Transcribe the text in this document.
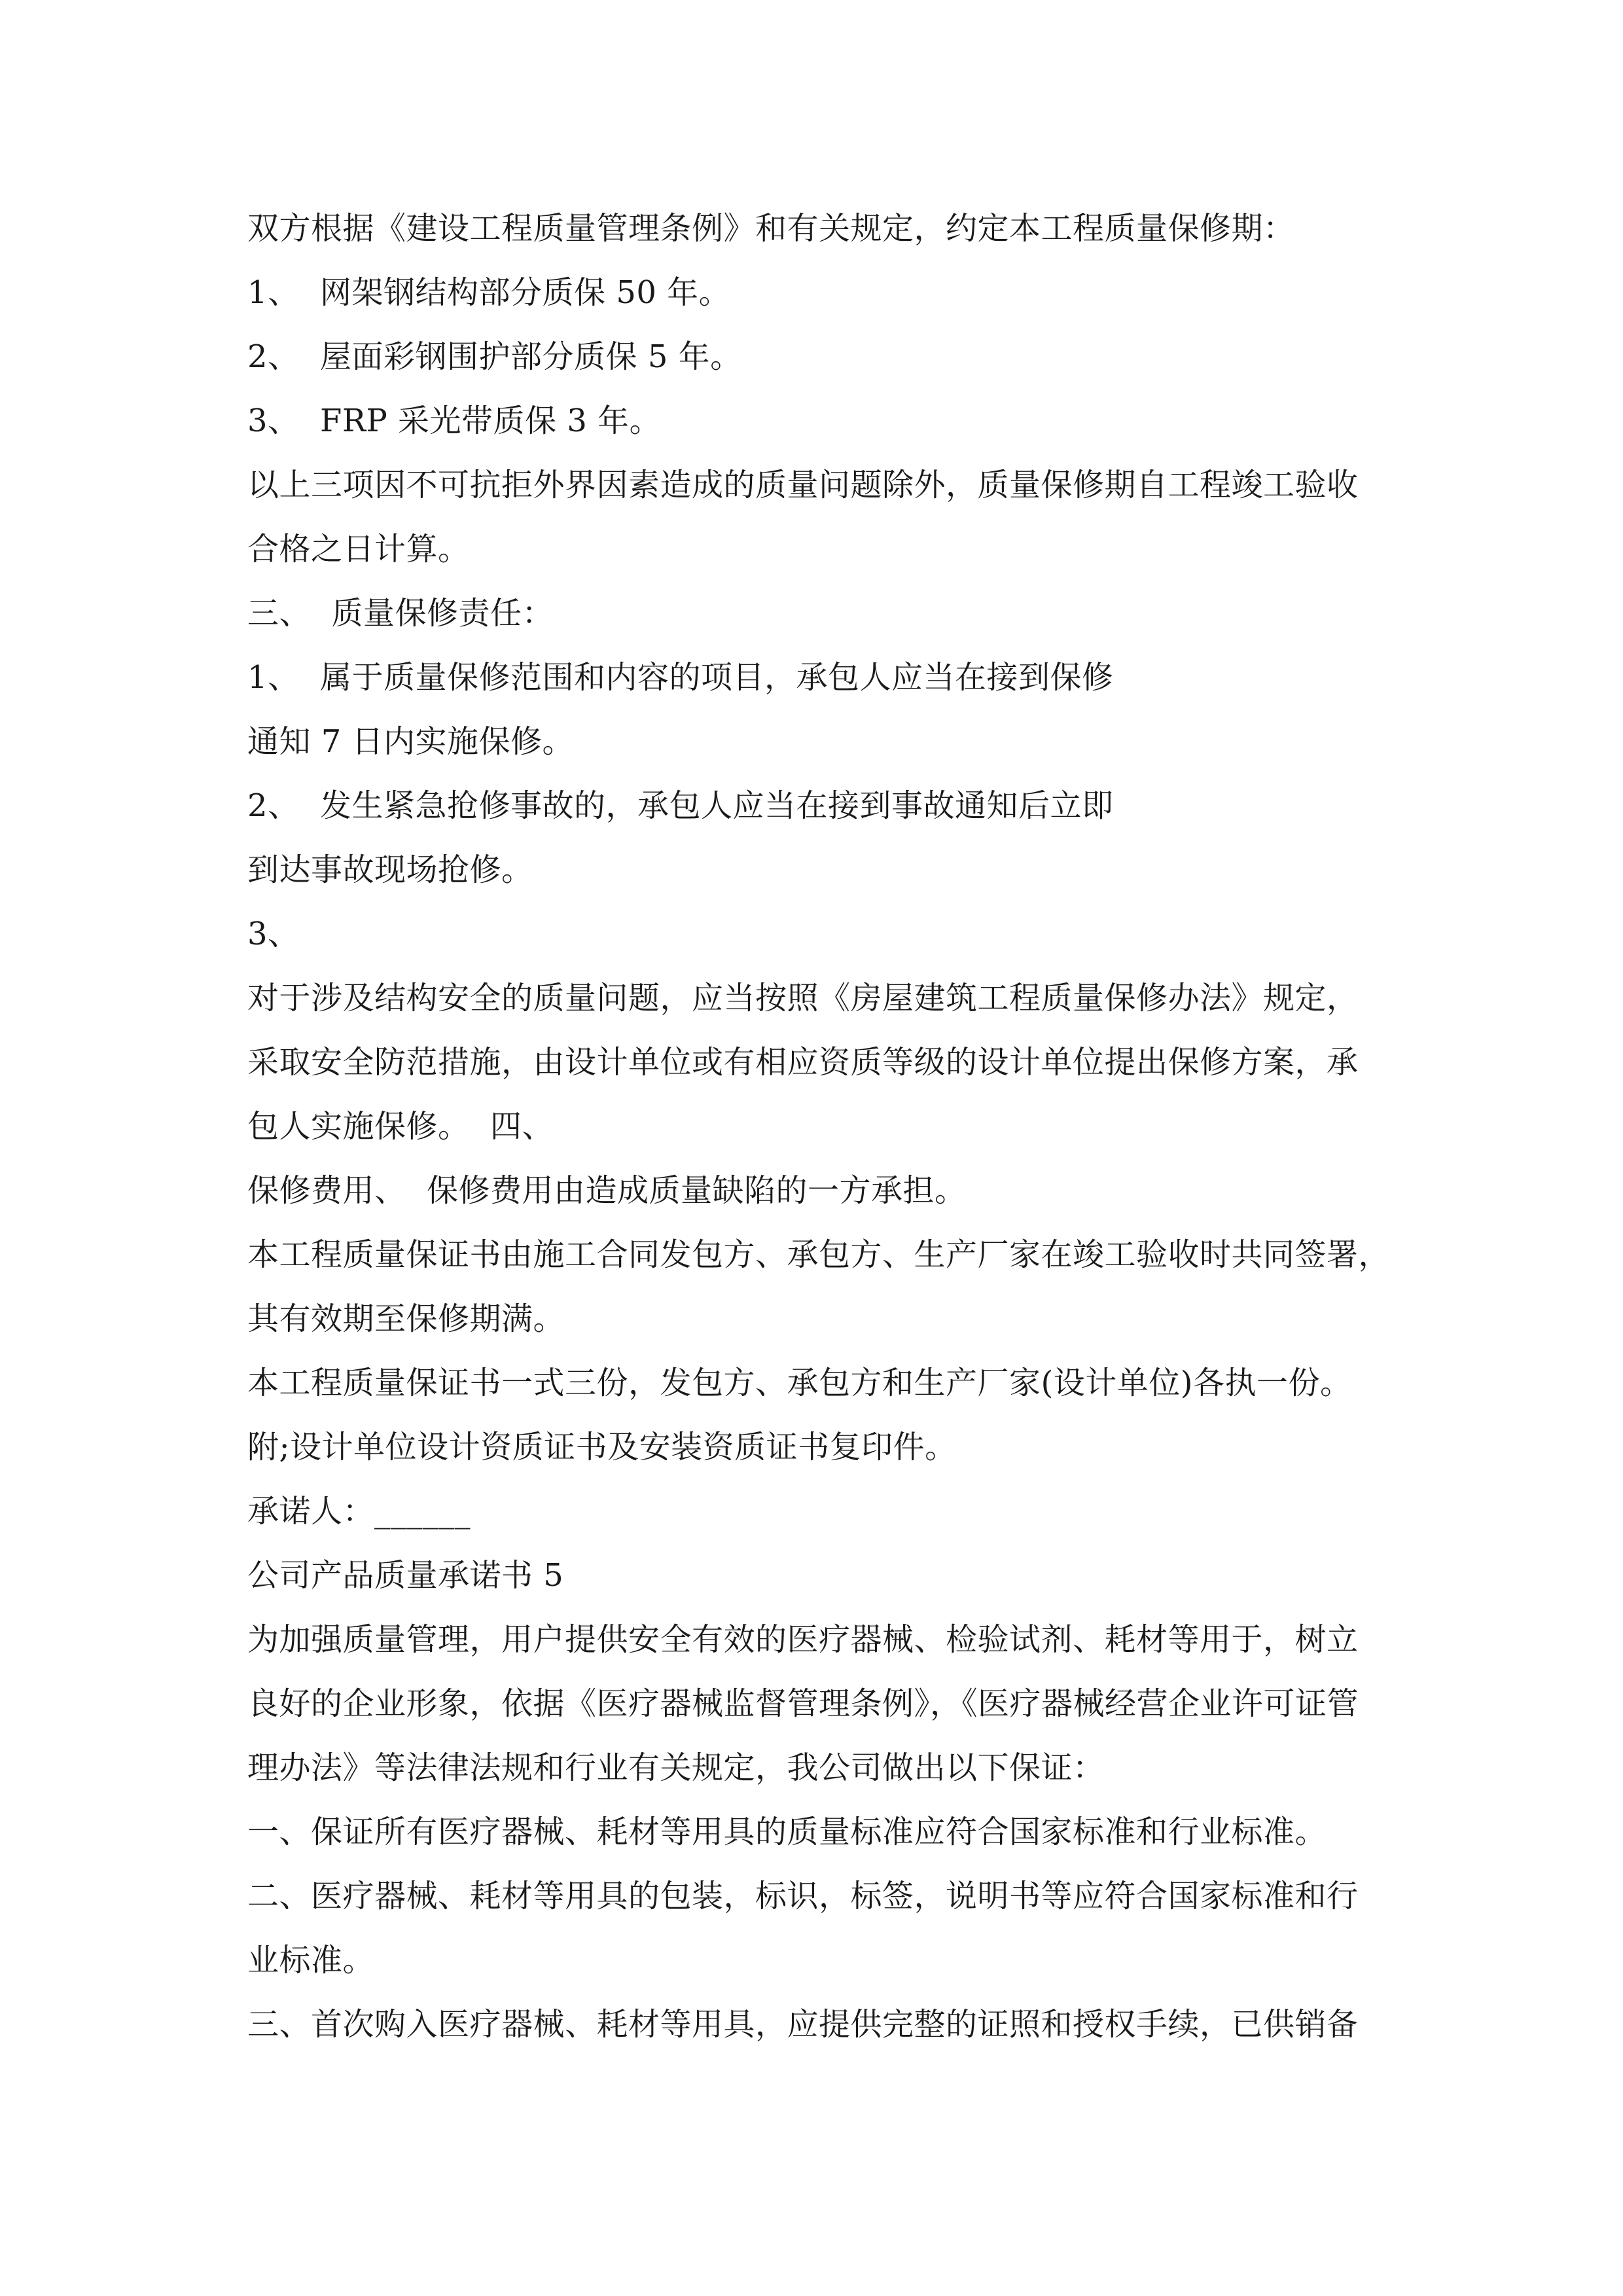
双方根据《建设工程质量管理条例》和有关规定，约定本工程质量保修期：
1、  网架钢结构部分质保 50 年。
2、  屋面彩钢围护部分质保 5 年。
3、  FRP 采光带质保 3 年。
以上三项因不可抗拒外界因素造成的质量问题除外，质量保修期自工程竣工验收
合格之日计算。
三、  质量保修责任：
1、  属于质量保修范围和内容的项目，承包人应当在接到保修
通知 7 日内实施保修。
2、  发生紧急抢修事故的，承包人应当在接到事故通知后立即
到达事故现场抢修。
3、
对于涉及结构安全的质量问题，应当按照《房屋建筑工程质量保修办法》规定，
采取安全防范措施，由设计单位或有相应资质等级的设计单位提出保修方案，承
包人实施保修。  四、
保修费用、  保修费用由造成质量缺陷的一方承担。
本工程质量保证书由施工合同发包方、承包方、生产厂家在竣工验收时共同签署，
其有效期至保修期满。
本工程质量保证书一式三份，发包方、承包方和生产厂家(设计单位)各执一份。
附;设计单位设计资质证书及安装资质证书复印件。
承诺人：______
公司产品质量承诺书 5
为加强质量管理，用户提供安全有效的医疗器械、检验试剂、耗材等用于，树立
良好的企业形象，依据《医疗器械监督管理条例》，《医疗器械经营企业许可证管
理办法》等法律法规和行业有关规定，我公司做出以下保证：
一、保证所有医疗器械、耗材等用具的质量标准应符合国家标准和行业标准。
二、医疗器械、耗材等用具的包装，标识，标签，说明书等应符合国家标准和行
业标准。
三、首次购入医疗器械、耗材等用具，应提供完整的证照和授权手续，已供销备
